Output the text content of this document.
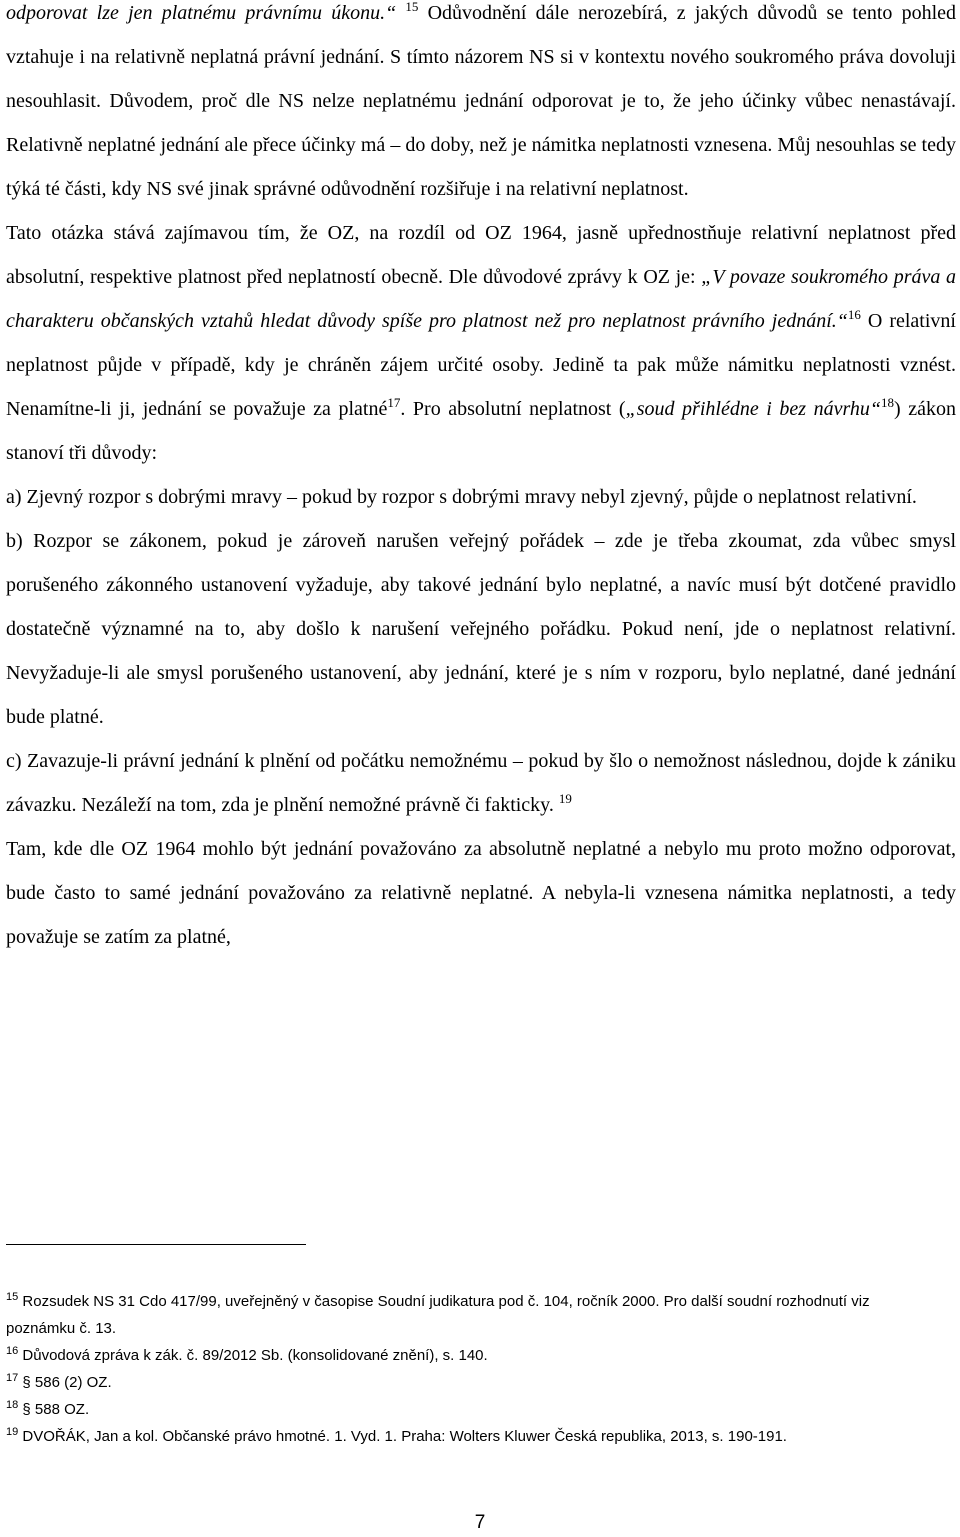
odporovat lze jen platnému právnímu úkonu.“ $^{15}$ Odůvodnění dále nerozebírá, z jakých důvodů se tento pohled vztahuje i na relativně neplatná právní jednání. S tímto názorem NS si v kontextu nového soukromého práva dovoluji nesouhlasit. Důvodem, proč dle NS nelze neplatnému jednání odporovat je to, že jeho účinky vůbec nenastávají. Relativně neplatné jednání ale přece účinky má – do doby, než je námitka neplatnosti vznesena. Můj nesouhlas se tedy týká té části, kdy NS své jinak správné odůvodnění rozšiřuje i na relativní neplatnost.

Tato otázka stává zajímavou tím, že OZ, na rozdíl od OZ 1964, jasně upřednostňuje relativní neplatnost před absolutní, respektive platnost před neplatností obecně. Dle důvodové zprávy k OZ je: „V povaze soukromého práva a charakteru občanských vztahů hledat důvody spíše pro platnost než pro neplatnost právního jednání.“$^{16}$ O relativní neplatnost půjde v případě, kdy je chráněn zájem určité osoby. Jedině ta pak může námitku neplatnosti vznést. Nenamítne-li ji, jednání se považuje za platné$^{17}$. Pro absolutní neplatnost („soud přihlédne i bez návrhu“$^{18}$) zákon stanoví tři důvody:

a) Zjevný rozpor s dobrými mravy – pokud by rozpor s dobrými mravy nebyl zjevný, půjde o neplatnost relativní.

b) Rozpor se zákonem, pokud je zároveň narušen veřejný pořádek – zde je třeba zkoumat, zda vůbec smysl porušeného zákonného ustanovení vyžaduje, aby takové jednání bylo neplatné, a navíc musí být dotčené pravidlo dostatečně významné na to, aby došlo k narušení veřejného pořádku. Pokud není, jde o neplatnost relativní. Nevyžaduje-li ale smysl porušeného ustanovení, aby jednání, které je s ním v rozporu, bylo neplatné, dané jednání bude platné.

c) Zavazuje-li právní jednání k plnění od počátku nemožnému – pokud by šlo o nemožnost následnou, dojde k zániku závazku. Nezáleží na tom, zda je plnění nemožné právně či fakticky. $^{19}$

Tam, kde dle OZ 1964 mohlo být jednání považováno za absolutně neplatné a nebylo mu proto možno odporovat, bude často to samé jednání považováno za relativně neplatné. A nebyla-li vznesena námitka neplatnosti, a tedy považuje se zatím za platné,

$^{15}$ Rozsudek NS 31 Cdo 417/99, uveřejněný v časopise Soudní judikatura pod č. 104, ročník 2000. Pro další soudní rozhodnutí viz poznámku č. 13.
$^{16}$ Důvodová zpráva k zák. č. 89/2012 Sb. (konsolidované znění), s. 140.
$^{17}$ § 586 (2) OZ.
$^{18}$ § 588 OZ.
$^{19}$ DVOŘÁK, Jan a kol. Občanské právo hmotné. 1. Vyd. 1. Praha: Wolters Kluwer Česká republika, 2013, s. 190-191.
7
